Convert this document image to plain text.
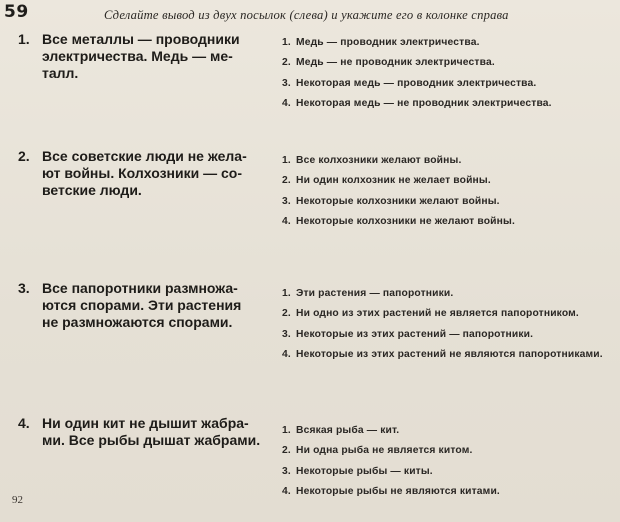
59	Сделайте вывод из двух посылок (слева) и укажите его в колонке справа
1. Все металлы — проводники
электричества. Медь — ме-
талл.
1. Медь — проводник электричества.
2. Медь — не проводник электричества.
3. Некоторая медь — проводник электричества.
4. Некоторая медь — не проводник электричества.
2. Все советские люди не жела-
ют войны. Колхозники — со-
ветские люди.
1. Все колхозники желают войны.
2. Ни один колхозник не желает войны.
3. Некоторые колхозники желают войны.
4. Некоторые колхозники не желают войны.
3. Все папоротники размножа-
ются спорами. Эти растения
не размножаются спорами.
1. Эти растения — папоротники.
2. Ни одно из этих растений не является папоротником.
3. Некоторые из этих растений — папоротники.
4. Некоторые из этих растений не являются папоротниками.
4. Ни один кит не дышит жабра-
ми. Все рыбы дышат жабрами.
1. Всякая рыба — кит.
2. Ни одна рыба не является китом.
3. Некоторые рыбы — киты.
4. Некоторые рыбы не являются китами.
92
